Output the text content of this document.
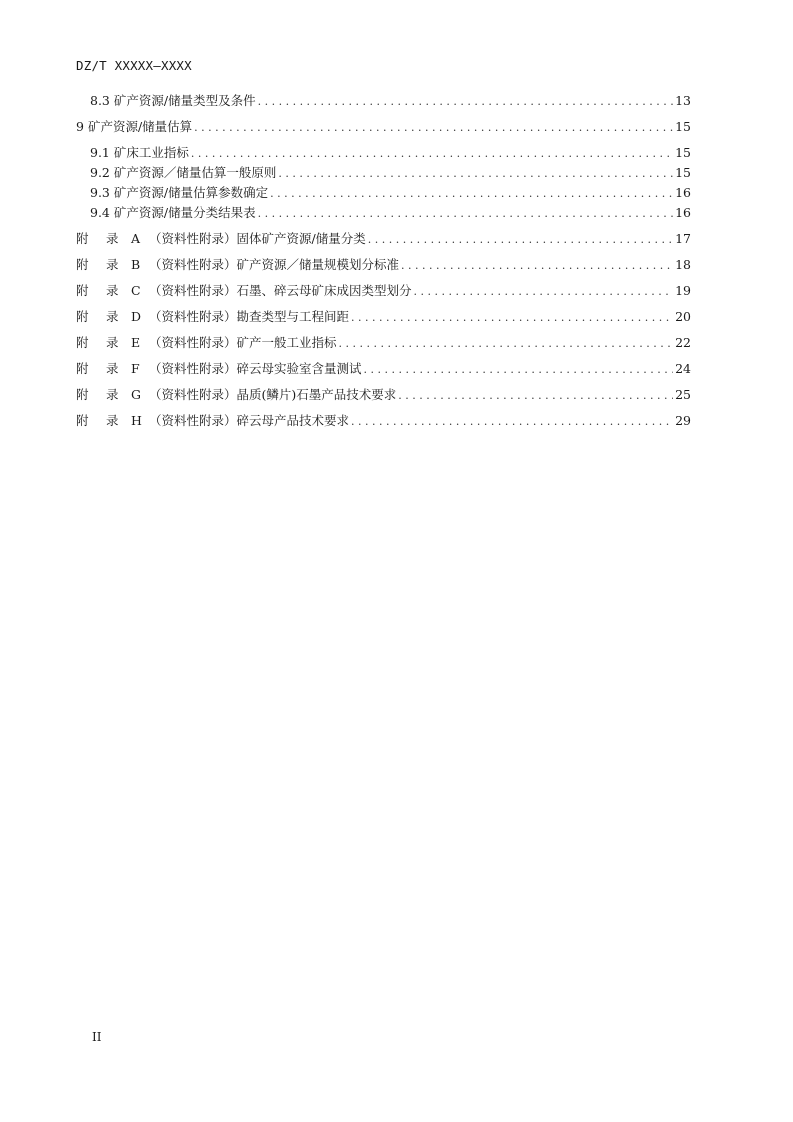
DZ/T XXXXX—XXXX
8.3 矿产资源/储量类型及条件 . . .	13
9 矿产资源/储量估算 . . .	15
9.1 矿床工业指标 . . .	15
9.2 矿产资源／储量估算一般原则 . . .	15
9.3 矿产资源/储量估算参数确定 . . .	16
9.4 矿产资源/储量分类结果表 . . .	16
附 录 A （资料性附录） 固体矿产资源/储量分类 . . .	17
附 录 B （资料性附录） 矿产资源／储量规模划分标准 . . .	18
附 录 C （资料性附录） 石墨、碎云母矿床成因类型划分 . . .	19
附 录 D （资料性附录） 勘查类型与工程间距 . . .	20
附 录 E （资料性附录） 矿产一般工业指标 . . .	22
附 录 F （资料性附录） 碎云母实验室含量测试 . . .	24
附 录 G （资料性附录） 晶质(鳞片)石墨产品技术要求 . . .	25
附 录 H （资料性附录） 碎云母产品技术要求 . . .	29
II
